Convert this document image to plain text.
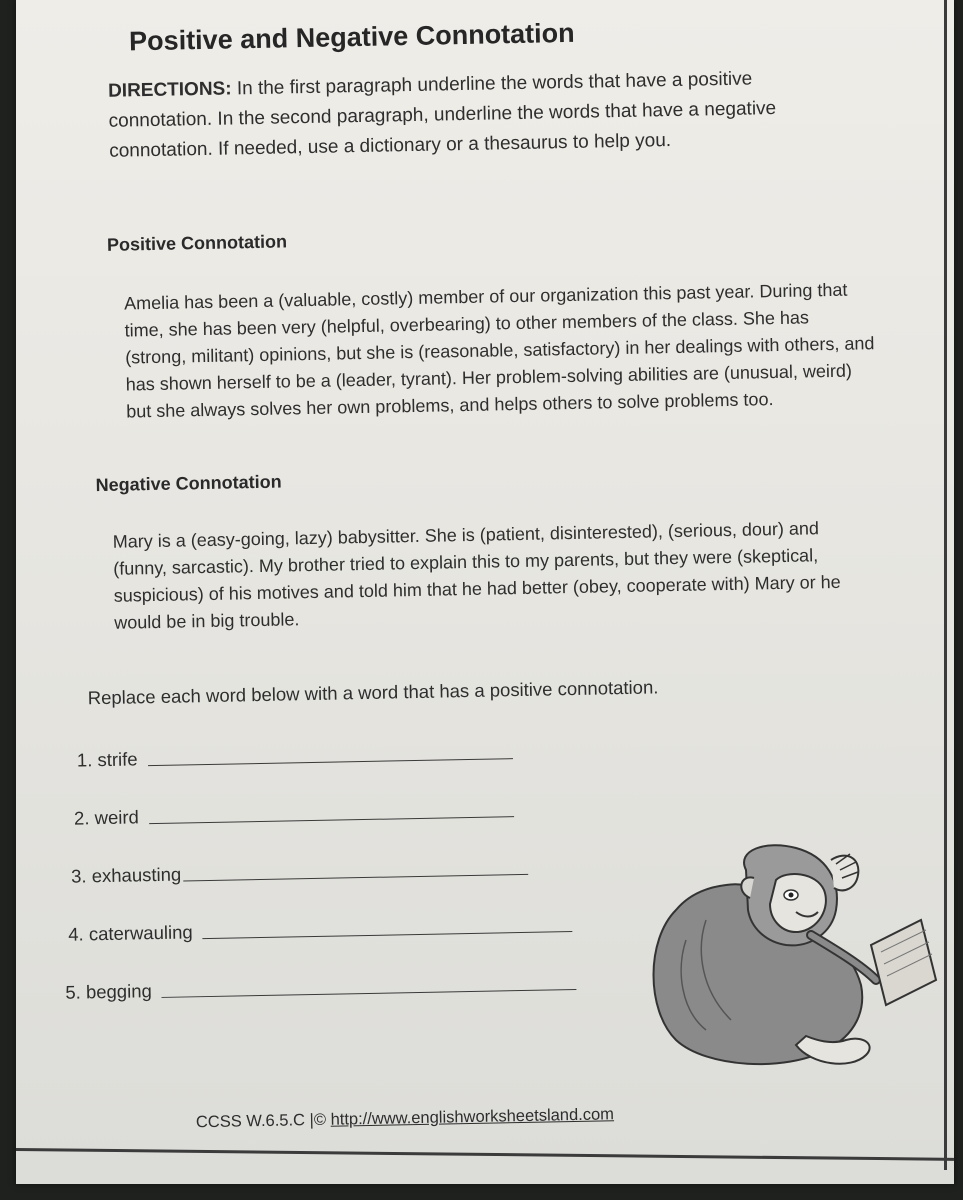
Positive and Negative Connotation
DIRECTIONS: In the first paragraph underline the words that have a positive connotation. In the second paragraph, underline the words that have a negative connotation. If needed, use a dictionary or a thesaurus to help you.
Positive Connotation
Amelia has been a (valuable, costly) member of our organization this past year. During that time, she has been very (helpful, overbearing) to other members of the class. She has (strong, militant) opinions, but she is (reasonable, satisfactory) in her dealings with others, and has shown herself to be a (leader, tyrant). Her problem-solving abilities are (unusual, weird) but she always solves her own problems, and helps others to solve problems too.
Negative Connotation
Mary is a (easy-going, lazy) babysitter. She is (patient, disinterested), (serious, dour) and (funny, sarcastic). My brother tried to explain this to my parents, but they were (skeptical, suspicious) of his motives and told him that he had better (obey, cooperate with) Mary or he would be in big trouble.
Replace each word below with a word that has a positive connotation.
1. strife
2. weird
3. exhausting
4. caterwauling
5. begging
CCSS W.6.5.C |© http://www.englishworksheetsland.com
